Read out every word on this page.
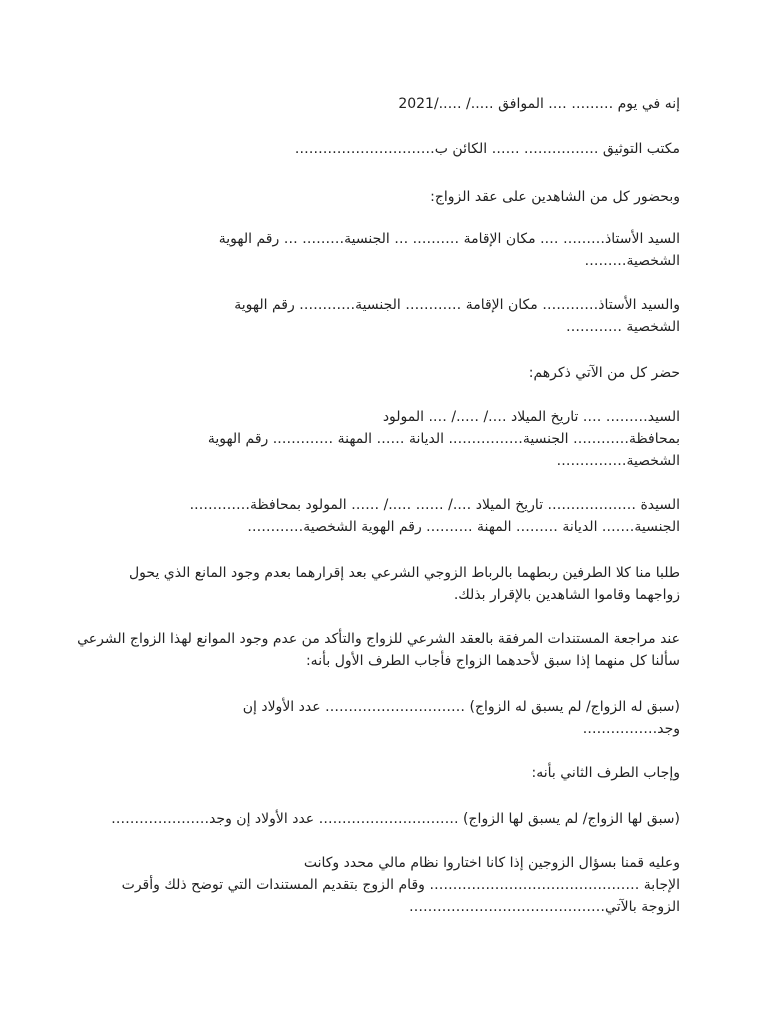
إنه في يوم ……… …. الموافق …../ …../2021
مكتب التوثيق ……………. …… الكائن ب…………………………
وبحضور كل من الشاهدين على عقد الزواج:
السيد الأستاذ……… …. مكان الإقامة ………. … الجنسية……… … رقم الهوية
الشخصية………
والسيد الأستاذ………… مكان الإقامة ………… الجنسية………… رقم الهوية
الشخصية …………
حضر كل من الآتي ذكرهم:
السيد……… …. تاريخ الميلاد …./ …../ …. المولود
بمحافظة………… الجنسية……………. الديانة …… المهنة …………. رقم الهوية
الشخصية……………
السيدة ………………. تاريخ الميلاد …./ …… …../ …… المولود بمحافظة………….
الجنسية……. الديانة ……… المهنة ………. رقم الهوية الشخصية…………
طلبا منا كلا الطرفين ربطهما بالرباط الزوجي الشرعي بعد إقرارهما بعدم وجود المانع الذي يحول
زواجهما وقاموا الشاهدين بالإقرار بذلك.
عند مراجعة المستندات المرفقة بالعقد الشرعي للزواج والتأكد من عدم وجود الموانع لهذا الزواج الشرعي
سألنا كل منهما إذا سبق لأحدهما الزواج فأجاب الطرف الأول بأنه:
(سبق له الزواج/ لم يسبق له الزواج) ………………………… عدد الأولاد إن
وجد…………….
وإجاب الطرف الثاني بأنه:
(سبق لها الزواج/ لم يسبق لها الزواج) ………………………… عدد الأولاد إن وجد…………………
وعليه قمنا بسؤال الزوجين إذا كانا اختاروا نظام مالي محدد وكانت
الإجابة ……………………………………… وقام الزوج بتقديم المستندات التي توضح ذلك وأقرت
الزوجة بالآتي……………………………………
